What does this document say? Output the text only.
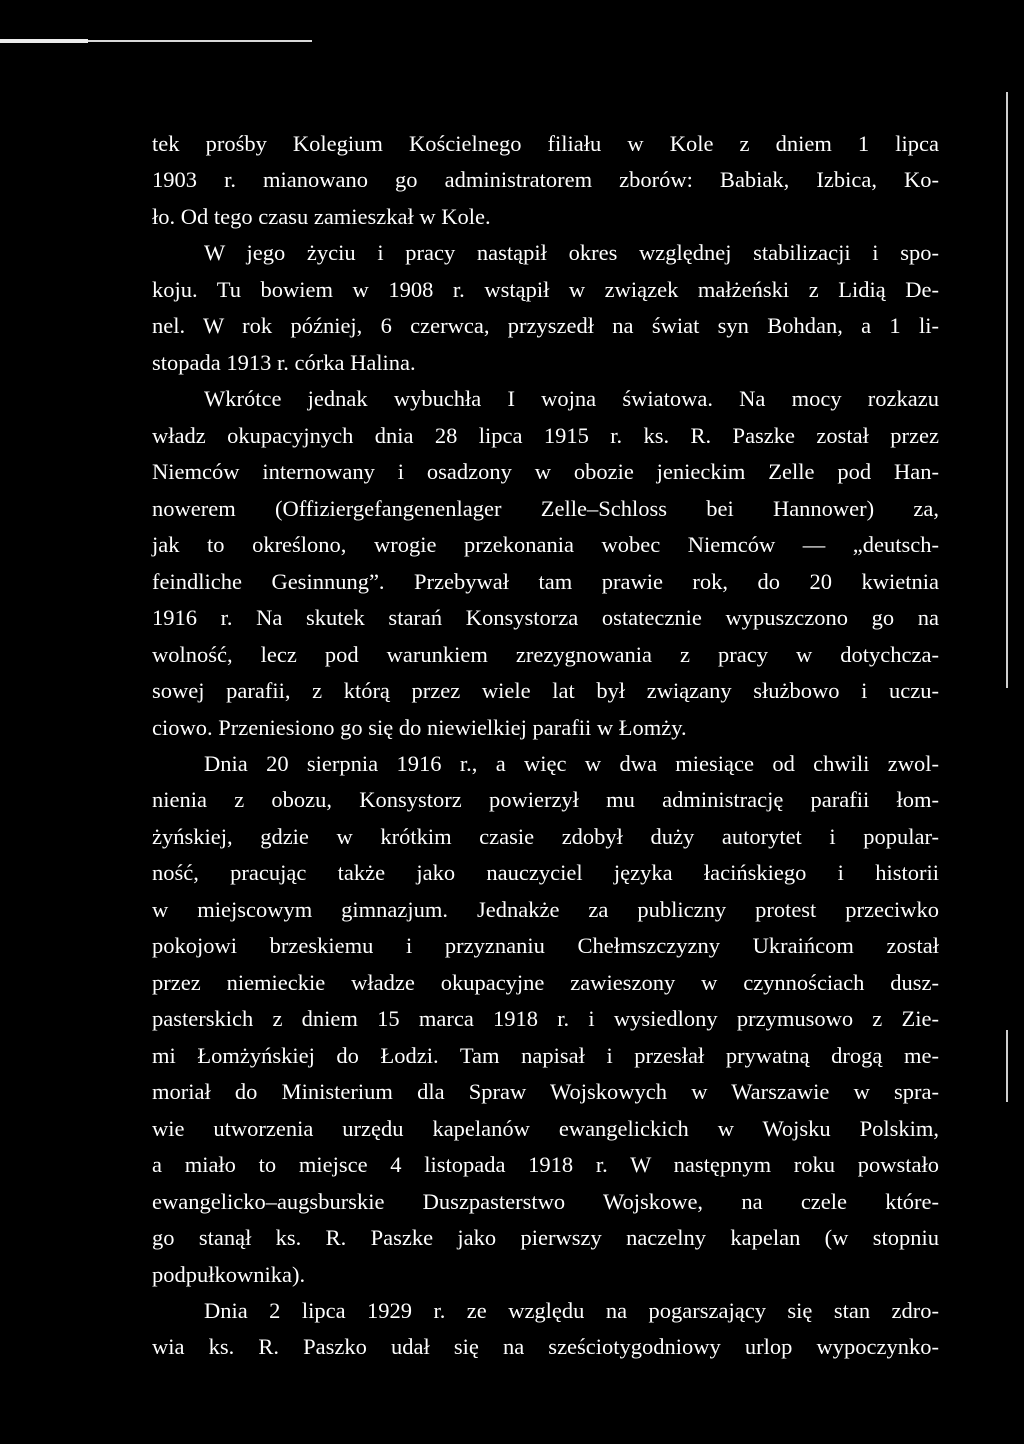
tek prośby Kolegium Kościelnego filiału w Kole z dniem 1 lipca
1903 r. mianowano go administratorem zborów: Babiak, Izbica, Ko-
ło. Od tego czasu zamieszkał w Kole.
W jego życiu i pracy nastąpił okres względnej stabilizacji i spo-
koju. Tu bowiem w 1908 r. wstąpił w związek małżeński z Lidią De-
nel. W rok później, 6 czerwca, przyszedł na świat syn Bohdan, a 1 li-
stopada 1913 r. córka Halina.
Wkrótce jednak wybuchła I wojna światowa. Na mocy rozkazu
władz okupacyjnych dnia 28 lipca 1915 r. ks. R. Paszke został przez
Niemców internowany i osadzony w obozie jenieckim Zelle pod Han-
nowerem (Offiziergefangenenlager Zelle–Schloss bei Hannower) za,
jak to określono, wrogie przekonania wobec Niemców — „deutsch-
feindliche Gesinnung”. Przebywał tam prawie rok, do 20 kwietnia
1916 r. Na skutek starań Konsystorza ostatecznie wypuszczono go na
wolność, lecz pod warunkiem zrezygnowania z pracy w dotychcza-
sowej parafii, z którą przez wiele lat był związany służbowo i uczu-
ciowo. Przeniesiono go się do niewielkiej parafii w Łomży.
Dnia 20 sierpnia 1916 r., a więc w dwa miesiące od chwili zwol-
nienia z obozu, Konsystorz powierzył mu administrację parafii łom-
żyńskiej, gdzie w krótkim czasie zdobył duży autorytet i popular-
ność, pracując także jako nauczyciel języka łacińskiego i historii
w miejscowym gimnazjum. Jednakże za publiczny protest przeciwko
pokojowi brzeskiemu i przyznaniu Chełmszczyzny Ukraińcom został
przez niemieckie władze okupacyjne zawieszony w czynnościach dusz-
pasterskich z dniem 15 marca 1918 r. i wysiedlony przymusowo z Zie-
mi Łomżyńskiej do Łodzi. Tam napisał i przesłał prywatną drogą me-
moriał do Ministerium dla Spraw Wojskowych w Warszawie w spra-
wie utworzenia urzędu kapelanów ewangelickich w Wojsku Polskim,
a miało to miejsce 4 listopada 1918 r. W następnym roku powstało
ewangelicko–augsburskie Duszpasterstwo Wojskowe, na czele które-
go stanął ks. R. Paszke jako pierwszy naczelny kapelan (w stopniu
podpułkownika).
Dnia 2 lipca 1929 r. ze względu na pogarszający się stan zdro-
wia ks. R. Paszko udał się na sześciotygodniowy urlop wypoczynko-
